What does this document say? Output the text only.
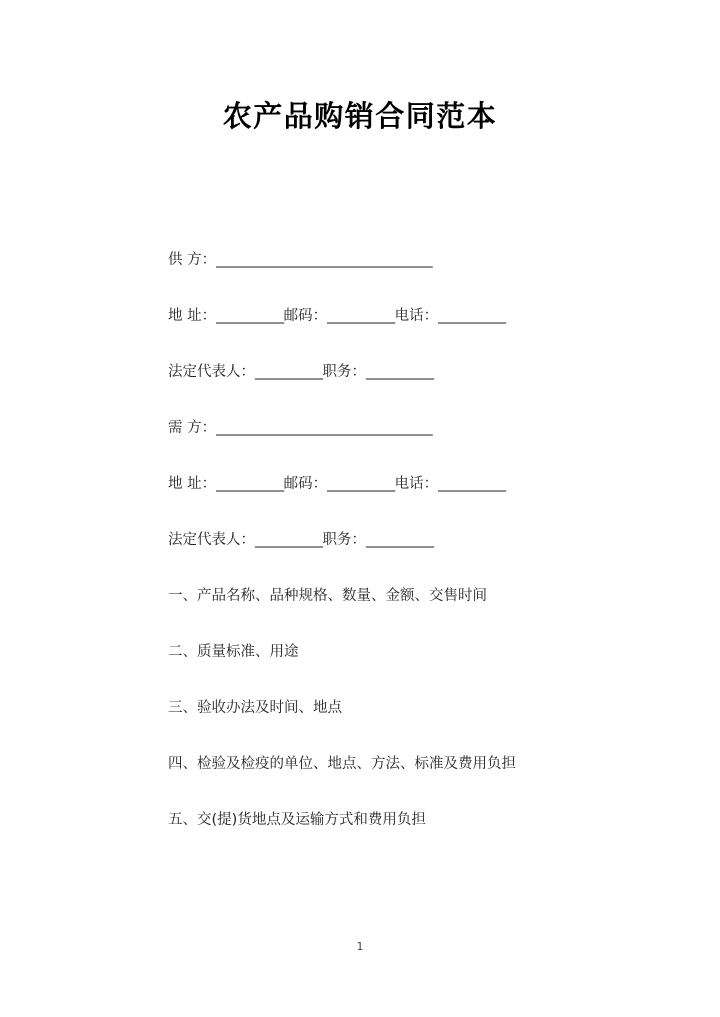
农产品购销合同范本
供 方：________________________________
地 址：__________邮码：__________电话：__________
法定代表人：__________职务：__________
需 方：________________________________
地 址：__________邮码：__________电话：__________
法定代表人：__________职务：__________
一、产品名称、品种规格、数量、金额、交售时间
二、质量标准、用途
三、验收办法及时间、地点
四、检验及检疫的单位、地点、方法、标准及费用负担
五、交(提)货地点及运输方式和费用负担
1
